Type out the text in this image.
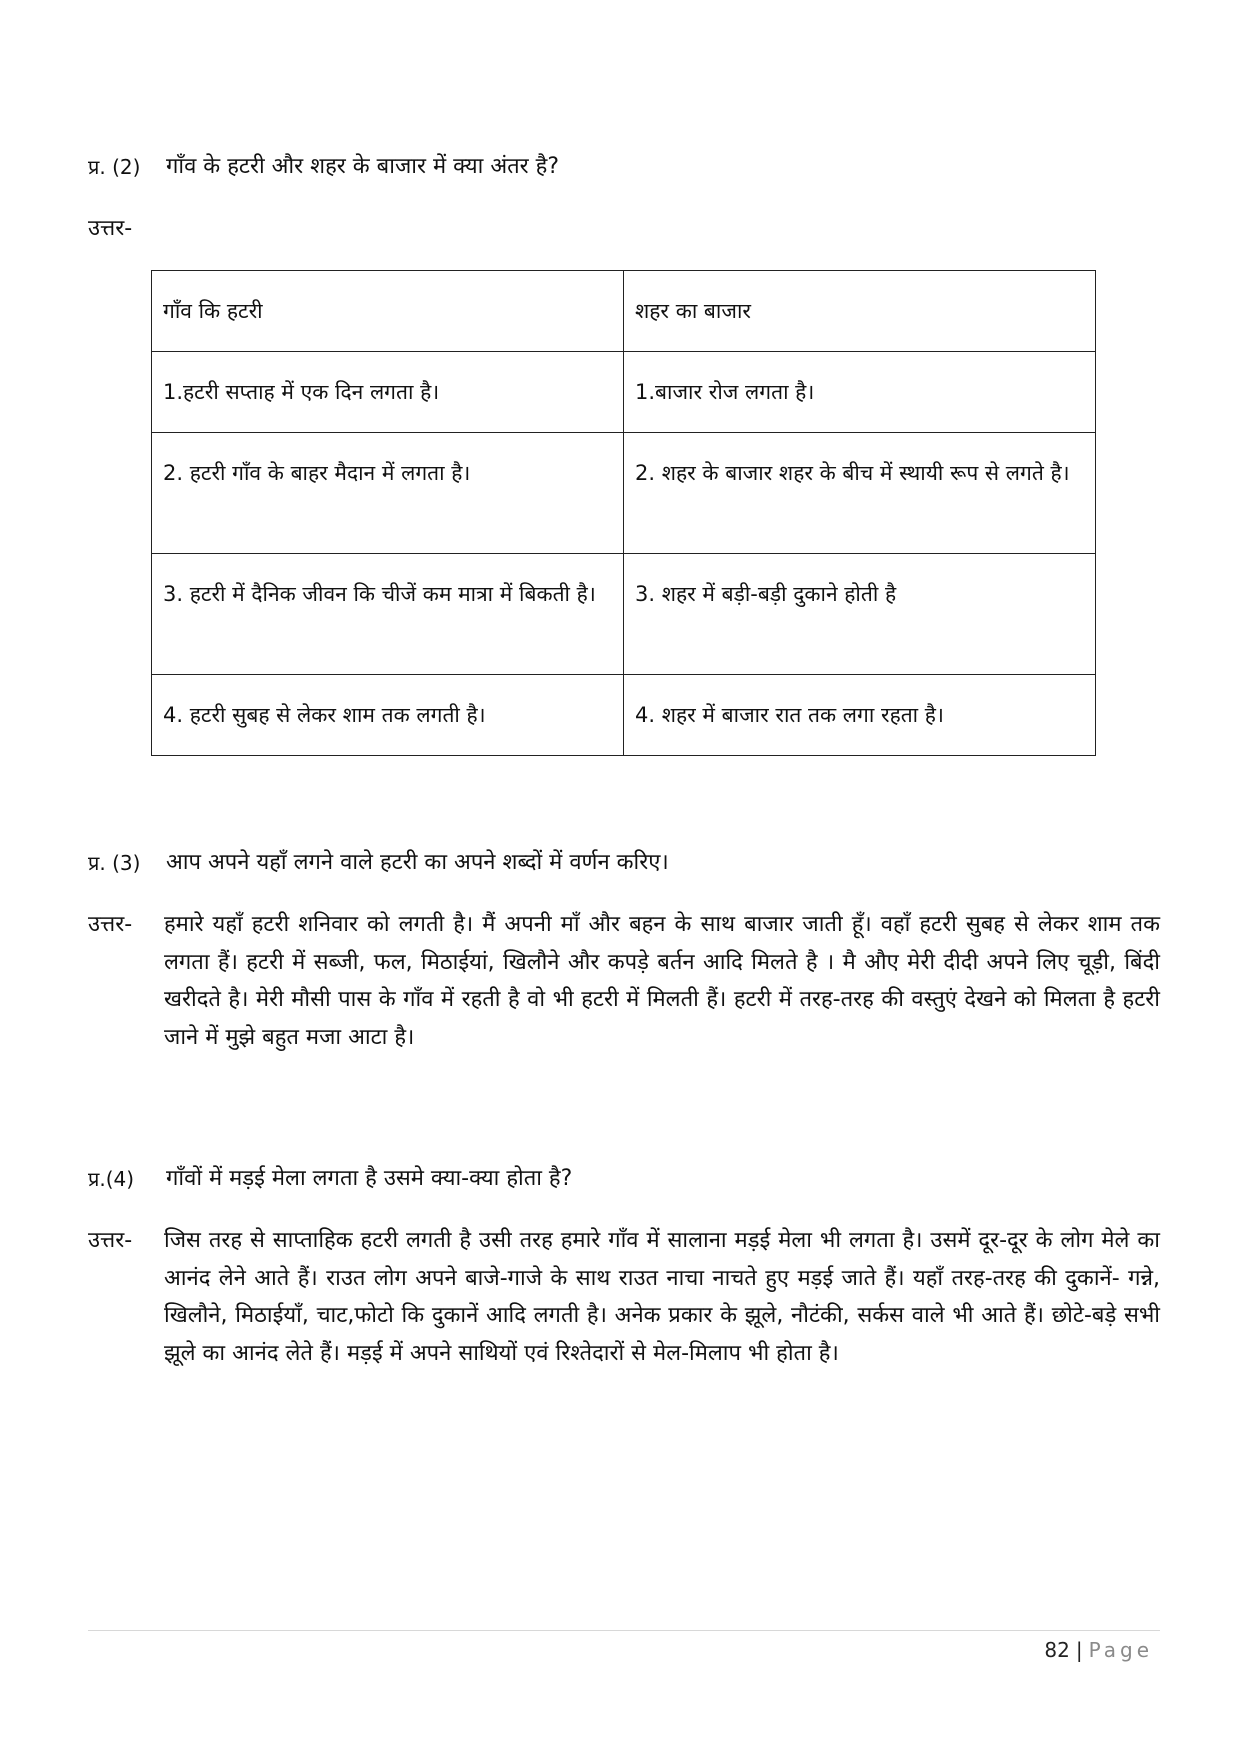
प्र. (2) गाँव के हटरी और शहर के बाजार में क्या अंतर है?
उत्तर-
गाँव कि हटरी	शहर का बाजार
1.हटरी सप्ताह में एक दिन लगता है।	1.बाजार रोज लगता है।
2. हटरी गाँव के बाहर मैदान में लगता है।	2. शहर के बाजार शहर के बीच में स्थायी रूप से लगते है।
3. हटरी में दैनिक जीवन कि चीजें कम मात्रा में बिकती है।	3. शहर में बड़ी-बड़ी दुकाने होती है
4. हटरी सुबह से लेकर शाम तक लगती है।	4. शहर में बाजार रात तक लगा रहता है।
प्र. (3) आप अपने यहाँ लगने वाले हटरी का अपने शब्दों में वर्णन करिए।
उत्तर- हमारे यहाँ हटरी शनिवार को लगती है। मैं अपनी माँ और बहन के साथ बाजार जाती हूँ। वहाँ हटरी सुबह से लेकर शाम तक लगता हैं। हटरी में सब्जी, फल, मिठाईयां, खिलौने और कपड़े बर्तन आदि मिलते है । मै औए मेरी दीदी अपने लिए चूड़ी, बिंदी खरीदते है। मेरी मौसी पास के गाँव में रहती है वो भी हटरी में मिलती हैं। हटरी में तरह-तरह की वस्तुएं देखने को मिलता है हटरी जाने में मुझे बहुत मजा आटा है।
प्र.(4) गाँवों में मड़ई मेला लगता है उसमे क्या-क्या होता है?
उत्तर- जिस तरह से साप्ताहिक हटरी लगती है उसी तरह हमारे गाँव में सालाना मड़ई मेला भी लगता है। उसमें दूर-दूर के लोग मेले का आनंद लेने आते हैं। राउत लोग अपने बाजे-गाजे के साथ राउत नाचा नाचते हुए मड़ई जाते हैं। यहाँ तरह-तरह की दुकानें- गन्ने, खिलौने, मिठाईयाँ, चाट,फोटो कि दुकानें आदि लगती है। अनेक प्रकार के झूले, नौटंकी, सर्कस वाले भी आते हैं। छोटे-बड़े सभी झूले का आनंद लेते हैं। मड़ई में अपने साथियों एवं रिश्तेदारों से मेल-मिलाप भी होता है।
82 | Page
